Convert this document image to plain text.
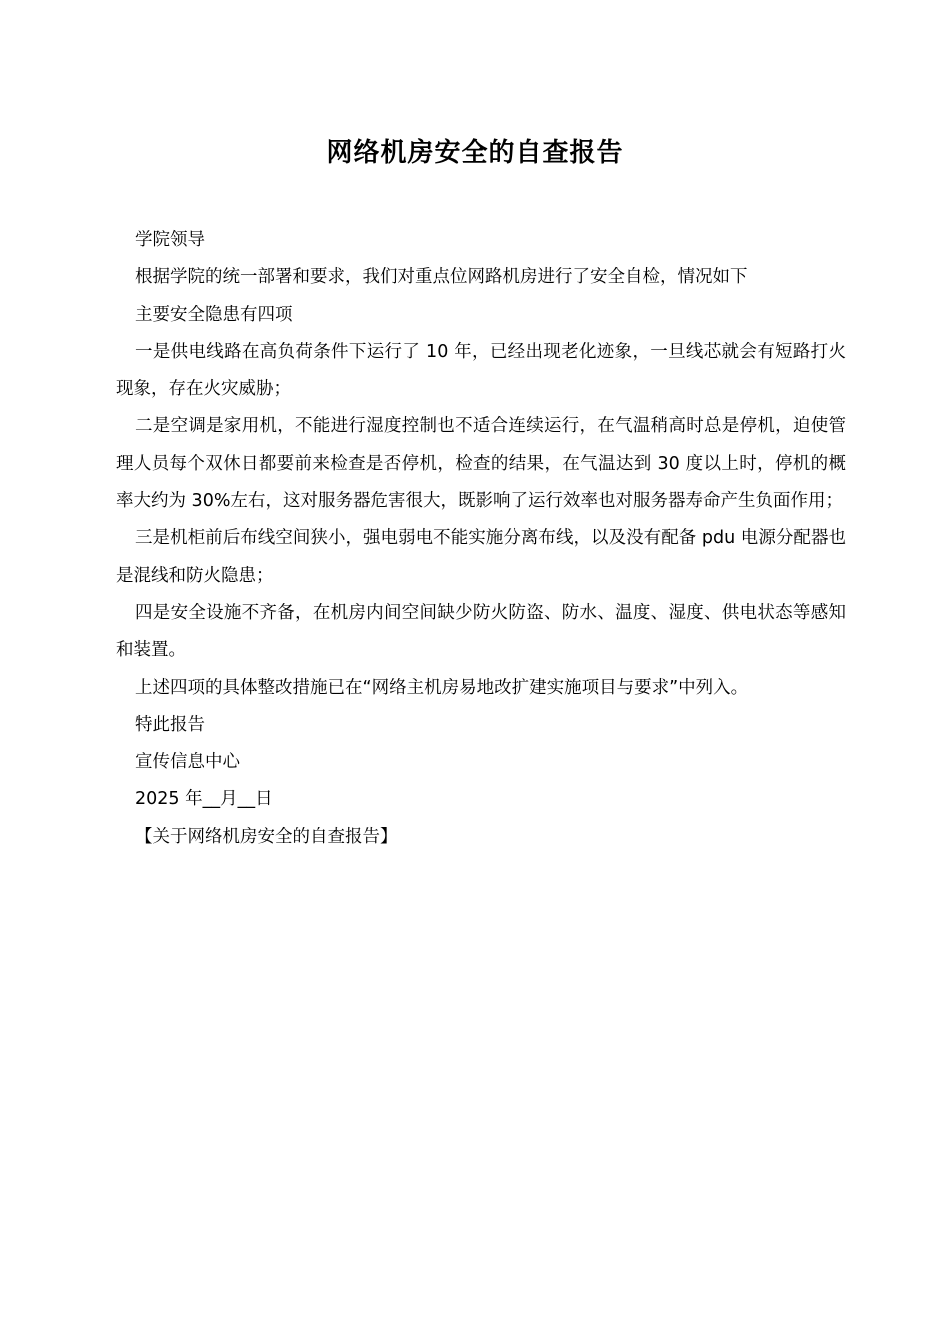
网络机房安全的自查报告

学院领导

根据学院的统一部署和要求，我们对重点位网路机房进行了安全自检，情况如下

主要安全隐患有四项

一是供电线路在高负荷条件下运行了 10 年，已经出现老化迹象，一旦线芯就会有短路打火现象，存在火灾威胁；

二是空调是家用机，不能进行湿度控制也不适合连续运行，在气温稍高时总是停机，迫使管理人员每个双休日都要前来检查是否停机，检查的结果，在气温达到 30 度以上时，停机的概率大约为 30%左右，这对服务器危害很大，既影响了运行效率也对服务器寿命产生负面作用；

三是机柜前后布线空间狭小，强电弱电不能实施分离布线，以及没有配备 pdu 电源分配器也是混线和防火隐患；

四是安全设施不齐备，在机房内间空间缺少防火防盗、防水、温度、湿度、供电状态等感知和装置。

上述四项的具体整改措施已在“网络主机房易地改扩建实施项目与要求”中列入。

特此报告

宣传信息中心

2025 年__月__日

【关于网络机房安全的自查报告】
